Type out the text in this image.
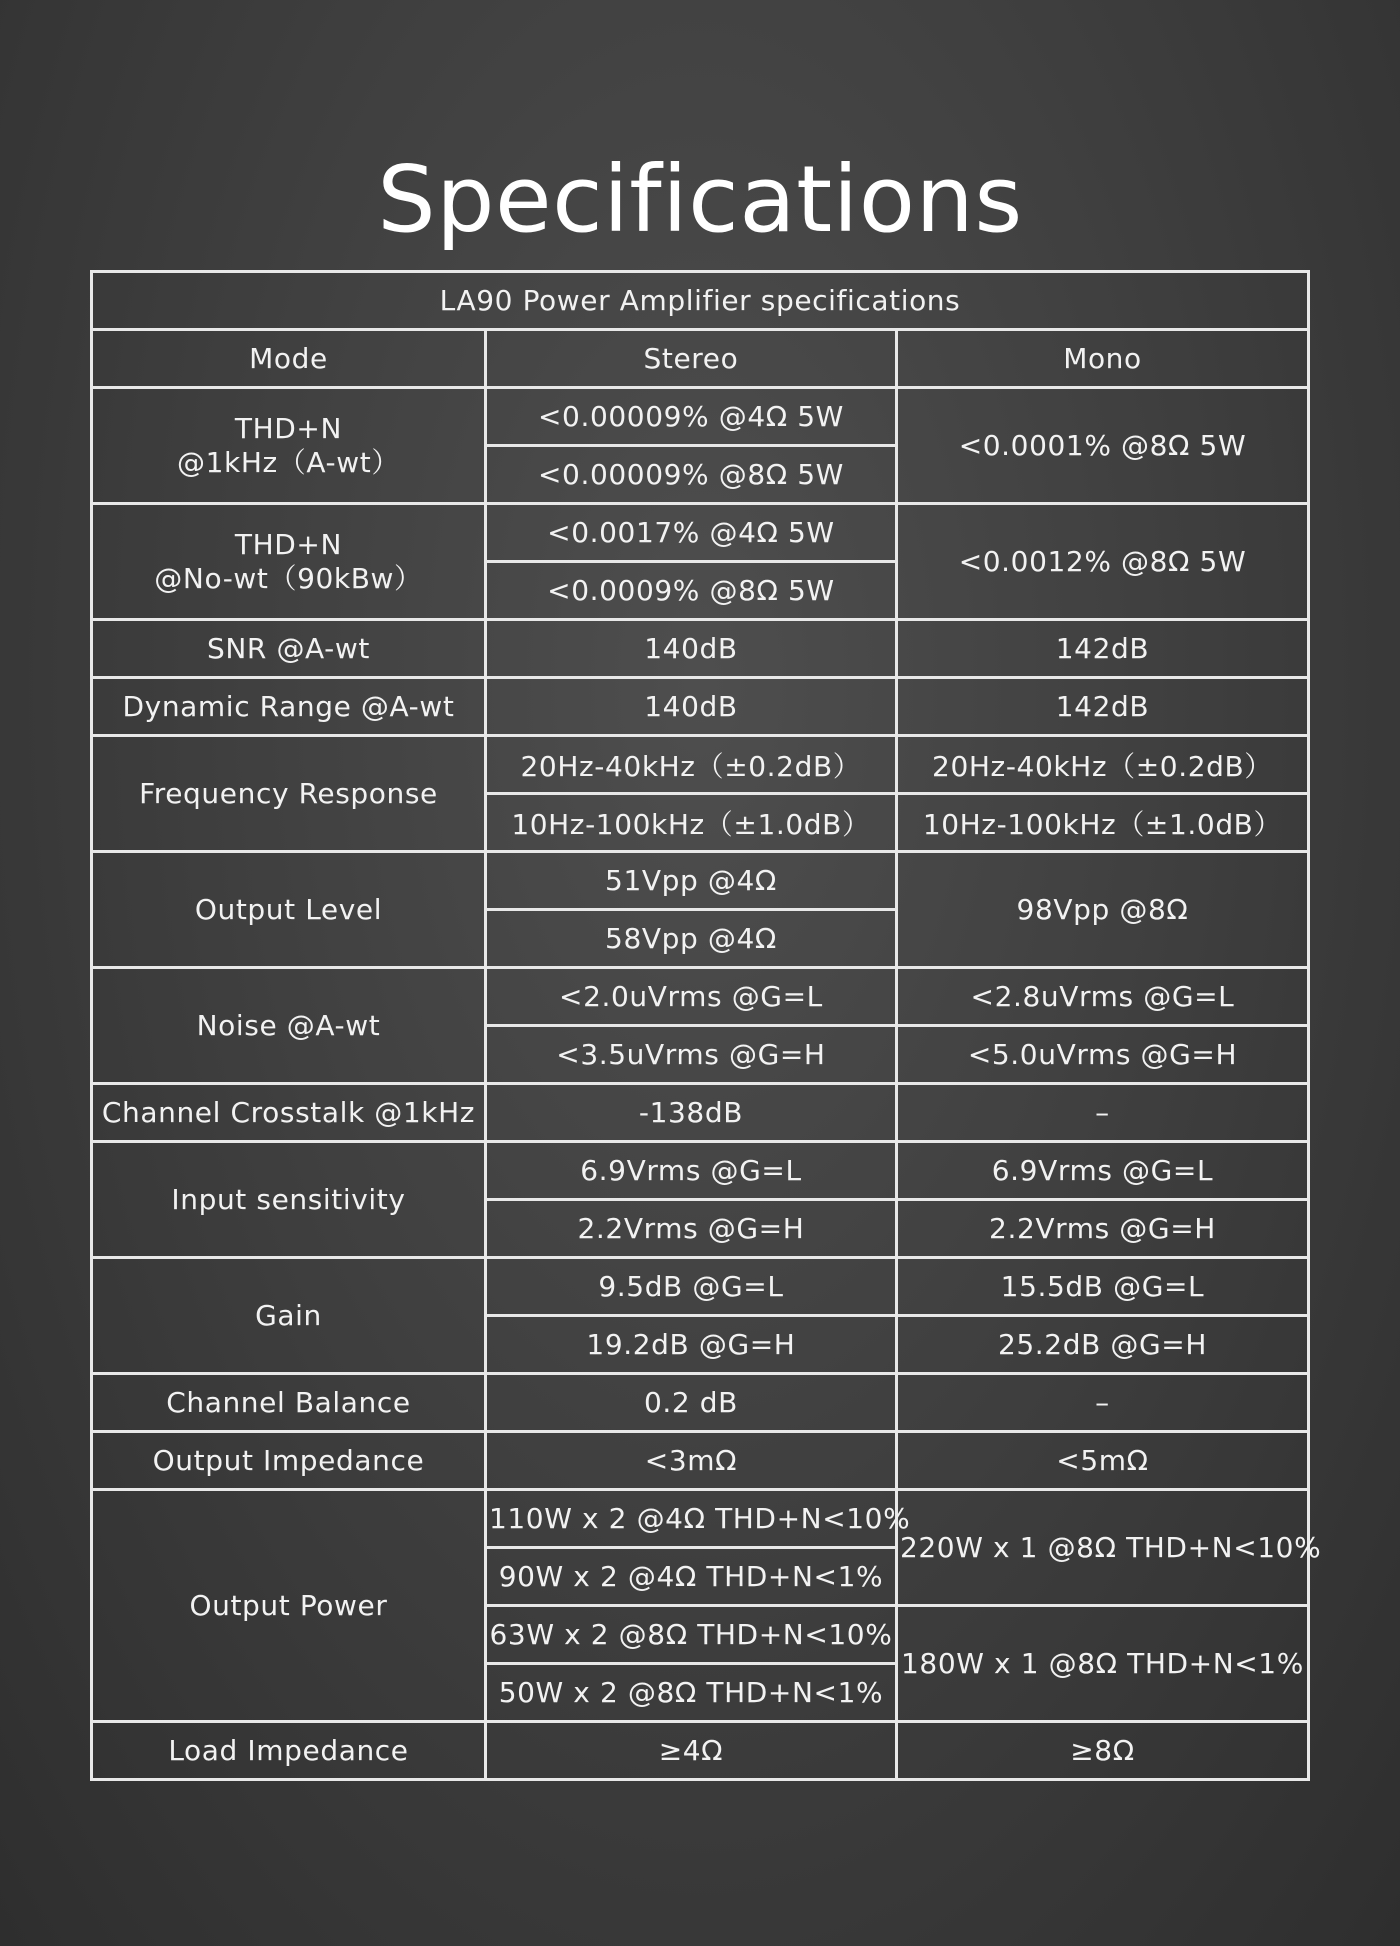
Specifications
LA90 Power Amplifier specifications		
Mode	Stereo	Mono
THD+N
@1kHz（A-wt）	<0.00009% @4Ω 5W	<0.0001% @8Ω 5W
	<0.00009% @8Ω 5W	
THD+N
@No-wt（90kBw）	<0.0017% @4Ω 5W	<0.0012% @8Ω 5W
	<0.0009% @8Ω 5W	
SNR @A-wt	140dB	142dB
Dynamic Range @A-wt	140dB	142dB
Frequency Response	20Hz-40kHz（±0.2dB）	20Hz-40kHz（±0.2dB）
	10Hz-100kHz（±1.0dB）	10Hz-100kHz（±1.0dB）
Output Level	51Vpp @4Ω	98Vpp @8Ω
	58Vpp @4Ω	
Noise @A-wt	<2.0uVrms @G=L	<2.8uVrms @G=L
	<3.5uVrms @G=H	<5.0uVrms @G=H
Channel Crosstalk @1kHz	-138dB	–
Input sensitivity	6.9Vrms @G=L	6.9Vrms @G=L
	2.2Vrms @G=H	2.2Vrms @G=H
Gain	9.5dB @G=L	15.5dB @G=L
	19.2dB @G=H	25.2dB @G=H
Channel Balance	0.2 dB	–
Output Impedance	<3mΩ	<5mΩ
Output Power	110W x 2 @4Ω THD+N<10%	220W x 1 @8Ω THD+N<10%
	90W x 2 @4Ω THD+N<1%	
	63W x 2 @8Ω THD+N<10%	180W x 1 @8Ω THD+N<1%
	50W x 2 @8Ω THD+N<1%	
Load Impedance	≥4Ω	≥8Ω
